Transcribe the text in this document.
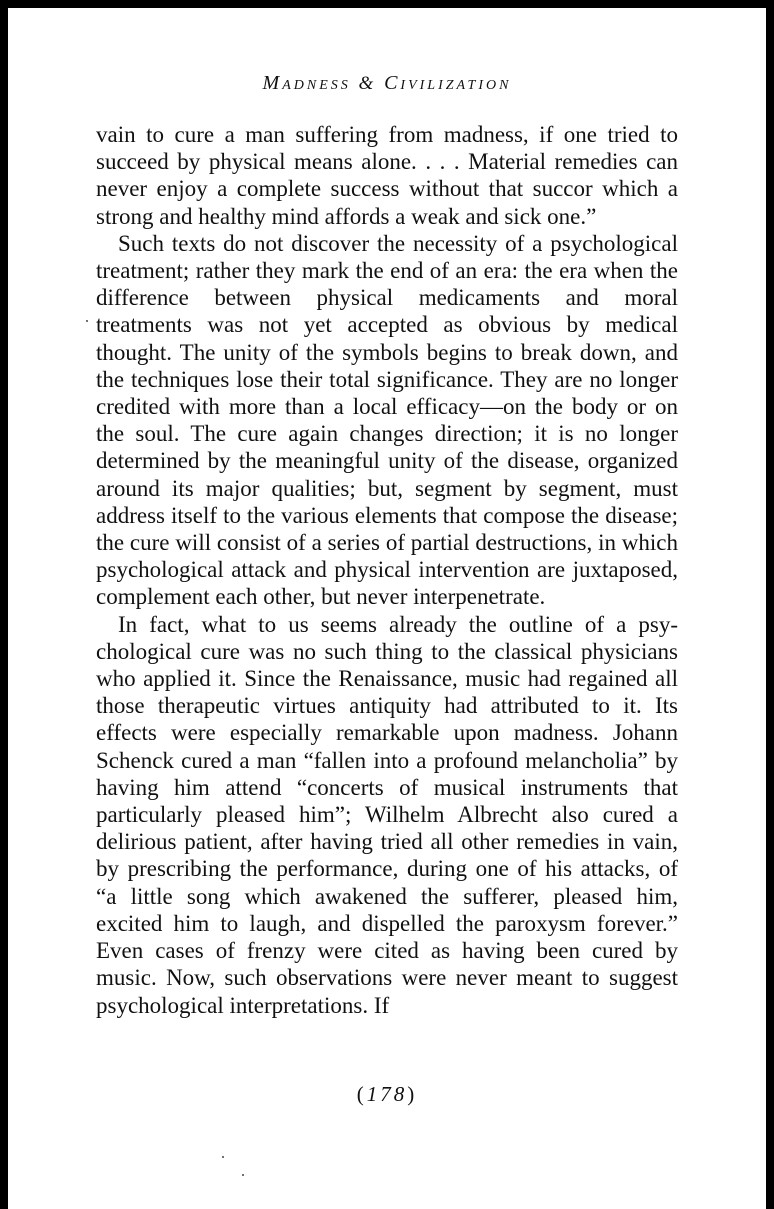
MADNESS & CIVILIZATION

vain to cure a man suffering from madness, if one tried to succeed by physical means alone. . . . Material remedies can never enjoy a complete success without that succor which a strong and healthy mind affords a weak and sick one.”

Such texts do not discover the necessity of a psychological treatment; rather they mark the end of an era: the era when the difference between physical medicaments and moral treatments was not yet accepted as obvious by medical thought. The unity of the symbols begins to break down, and the techniques lose their total significance. They are no longer credited with more than a local efficacy—on the body or on the soul. The cure again changes direction; it is no longer determined by the meaningful unity of the disease, organized around its major qualities; but, segment by segment, must address itself to the various elements that compose the disease; the cure will consist of a series of partial destructions, in which psychological attack and physical intervention are juxtaposed, complement each other, but never interpenetrate.

In fact, what to us seems already the outline of a psychological cure was no such thing to the classical physicians who applied it. Since the Renaissance, music had regained all those therapeutic virtues antiquity had attributed to it. Its effects were especially remarkable upon madness. Johann Schenck cured a man “fallen into a profound melancholia” by having him attend “concerts of musical instruments that particularly pleased him”; Wilhelm Albrecht also cured a delirious patient, after having tried all other remedies in vain, by prescribing the performance, during one of his attacks, of “a little song which awakened the sufferer, pleased him, excited him to laugh, and dispelled the paroxysm forever.” Even cases of frenzy were cited as having been cured by music. Now, such observations were never meant to suggest psychological interpretations. If

(178)
